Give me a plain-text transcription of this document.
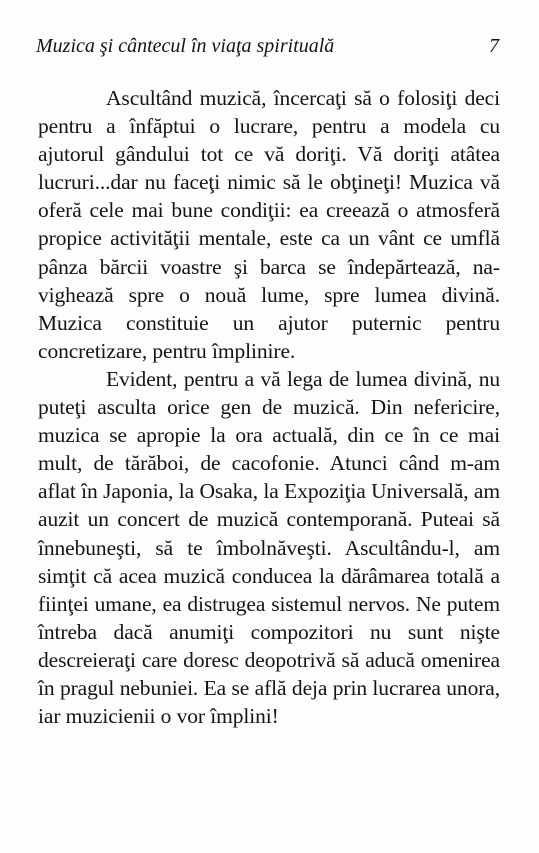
Muzica şi cântecul în viaţa spirituală	7

Ascultând muzică, încercaţi să o folosiţi deci pentru a înfăptui o lucrare, pentru a modela cu ajutorul gândului tot ce vă doriţi. Vă doriţi atâtea lucruri...dar nu faceţi nimic să le obţineţi! Muzica vă oferă cele mai bune condiţii: ea creează o atmosferă propice activităţii mentale, este ca un vânt ce umflă pânza bărcii voastre şi barca se îndepărtează, navighează spre o nouă lume, spre lumea divină. Muzica constituie un ajutor puternic pentru concretizare, pentru împlinire.

Evident, pentru a vă lega de lumea divină, nu puteţi asculta orice gen de muzică. Din nefericire, muzica se apropie la ora actuală, din ce în ce mai mult, de tărăboi, de cacofonie. Atunci când m-am aflat în Japonia, la Osaka, la Expoziţia Universală, am auzit un concert de muzică contemporană. Puteai să înnebuneşti, să te îmbolnăveşti. Ascultându-l, am simţit că acea muzică conducea la dărâmarea totală a fiinţei umane, ea distrugea sistemul nervos. Ne putem întreba dacă anumiţi compozitori nu sunt nişte descreieraţi care doresc deopotrivă să aducă omenirea în pragul nebuniei. Ea se află deja prin lucrarea unora, iar muzicienii o vor împlini!
